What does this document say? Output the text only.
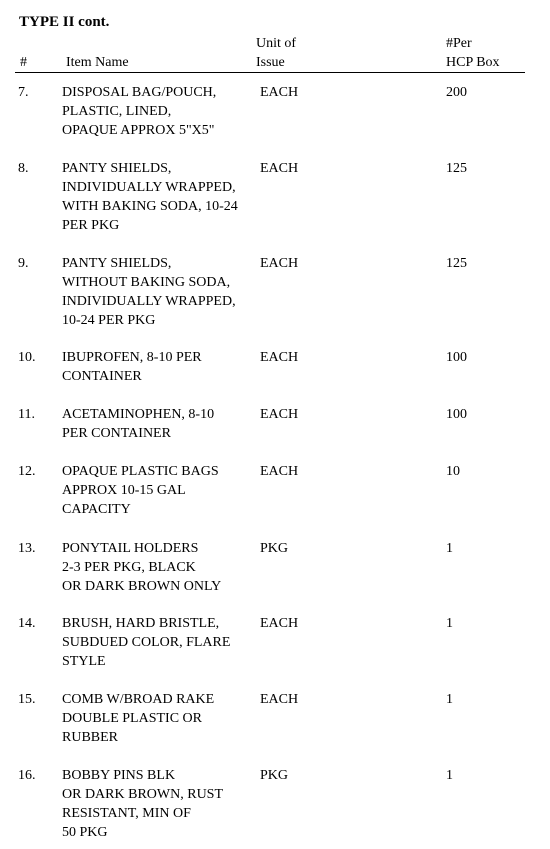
TYPE II cont.
#	Item Name
Unit of
Issue
#Per
HCP Box
7. DISPOSAL BAG/POUCH,
PLASTIC, LINED,
OPAQUE APPROX 5"X5"
EACH	200
8. PANTY SHIELDS,
INDIVIDUALLY WRAPPED,
WITH BAKING SODA, 10-24
PER PKG
EACH	125
9. PANTY SHIELDS,
WITHOUT BAKING SODA,
INDIVIDUALLY WRAPPED,
10-24 PER PKG
EACH	125
10. IBUPROFEN, 8-10 PER
CONTAINER
EACH	100
11. ACETAMINOPHEN, 8-10
PER CONTAINER
EACH	100
12. OPAQUE PLASTIC BAGS
APPROX 10-15 GAL
CAPACITY
EACH	10
13. PONYTAIL HOLDERS
2-3 PER PKG, BLACK
OR DARK BROWN ONLY
PKG	1
14. BRUSH, HARD BRISTLE,
SUBDUED COLOR, FLARE
STYLE
EACH	1
15. COMB W/BROAD RAKE
DOUBLE PLASTIC OR
RUBBER
EACH	1
16. BOBBY PINS BLK
OR DARK BROWN, RUST
RESISTANT, MIN OF
50 PKG
PKG	1
